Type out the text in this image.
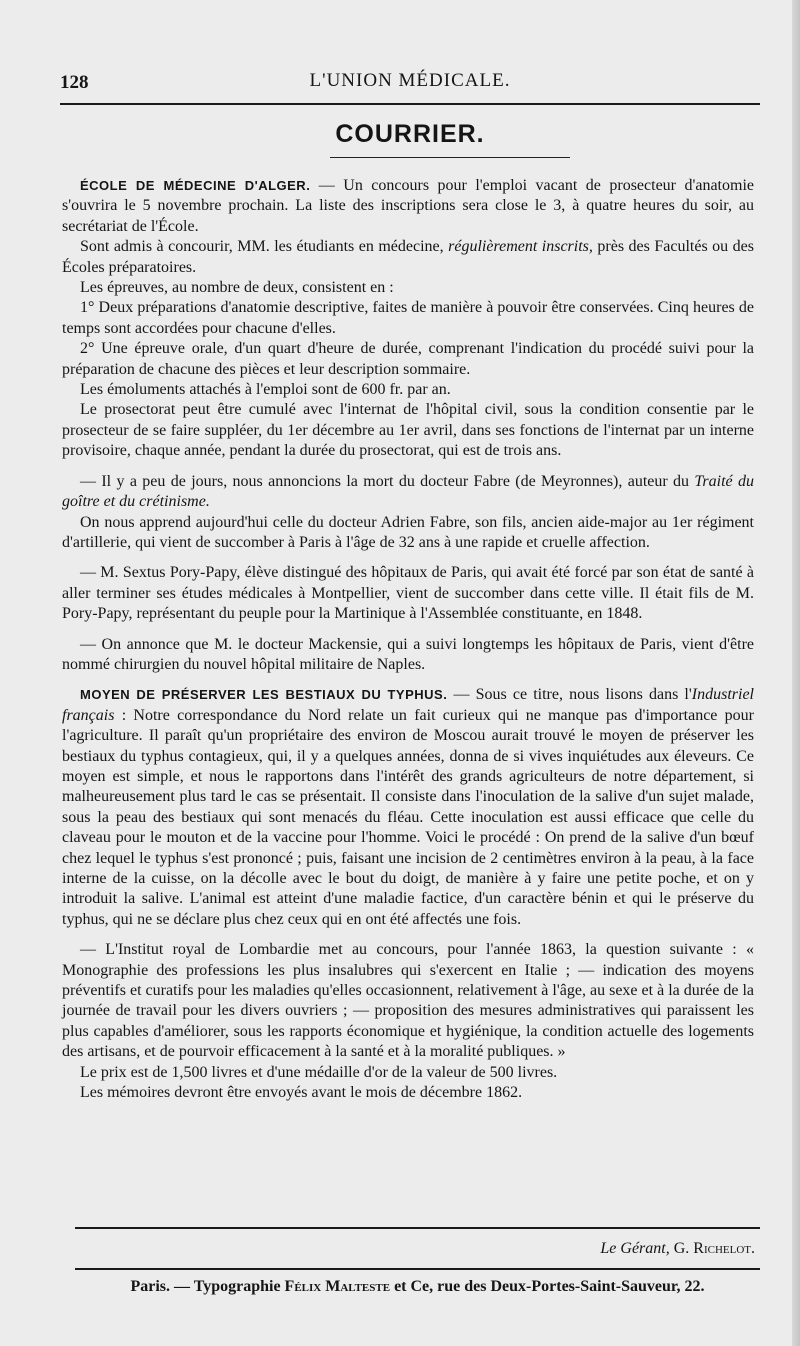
128	L'UNION MÉDICALE.
COURRIER.

ÉCOLE DE MÉDECINE D'ALGER. — Un concours pour l'emploi vacant de prosecteur d'anatomie s'ouvrira le 5 novembre prochain. La liste des inscriptions sera close le 3, à quatre heures du soir, au secrétariat de l'École.

Sont admis à concourir, MM. les étudiants en médecine, régulièrement inscrits, près des Facultés ou des Écoles préparatoires.

Les épreuves, au nombre de deux, consistent en :

1° Deux préparations d'anatomie descriptive, faites de manière à pouvoir être conservées. Cinq heures de temps sont accordées pour chacune d'elles.

2° Une épreuve orale, d'un quart d'heure de durée, comprenant l'indication du procédé suivi pour la préparation de chacune des pièces et leur description sommaire.

Les émoluments attachés à l'emploi sont de 600 fr. par an.

Le prosectorat peut être cumulé avec l'internat de l'hôpital civil, sous la condition consentie par le prosecteur de se faire suppléer, du 1er décembre au 1er avril, dans ses fonctions de l'internat par un interne provisoire, chaque année, pendant la durée du prosectorat, qui est de trois ans.

— Il y a peu de jours, nous annoncions la mort du docteur Fabre (de Meyronnes), auteur du Traité du goître et du crétinisme.

On nous apprend aujourd'hui celle du docteur Adrien Fabre, son fils, ancien aide-major au 1er régiment d'artillerie, qui vient de succomber à Paris à l'âge de 32 ans à une rapide et cruelle affection.

— M. Sextus Pory-Papy, élève distingué des hôpitaux de Paris, qui avait été forcé par son état de santé à aller terminer ses études médicales à Montpellier, vient de succomber dans cette ville. Il était fils de M. Pory-Papy, représentant du peuple pour la Martinique à l'Assemblée constituante, en 1848.

— On annonce que M. le docteur Mackensie, qui a suivi longtemps les hôpitaux de Paris, vient d'être nommé chirurgien du nouvel hôpital militaire de Naples.

MOYEN DE PRÉSERVER LES BESTIAUX DU TYPHUS. — Sous ce titre, nous lisons dans l'Industriel français : Notre correspondance du Nord relate un fait curieux qui ne manque pas d'importance pour l'agriculture. Il paraît qu'un propriétaire des environ de Moscou aurait trouvé le moyen de préserver les bestiaux du typhus contagieux, qui, il y a quelques années, donna de si vives inquiétudes aux éleveurs. Ce moyen est simple, et nous le rapportons dans l'intérêt des grands agriculteurs de notre département, si malheureusement plus tard le cas se présentait. Il consiste dans l'inoculation de la salive d'un sujet malade, sous la peau des bestiaux qui sont menacés du fléau. Cette inoculation est aussi efficace que celle du claveau pour le mouton et de la vaccine pour l'homme. Voici le procédé : On prend de la salive d'un bœuf chez lequel le typhus s'est prononcé ; puis, faisant une incision de 2 centimètres environ à la peau, à la face interne de la cuisse, on la décolle avec le bout du doigt, de manière à y faire une petite poche, et on y introduit la salive. L'animal est atteint d'une maladie factice, d'un caractère bénin et qui le préserve du typhus, qui ne se déclare plus chez ceux qui en ont été affectés une fois.

— L'Institut royal de Lombardie met au concours, pour l'année 1863, la question suivante : « Monographie des professions les plus insalubres qui s'exercent en Italie ; — indication des moyens préventifs et curatifs pour les maladies qu'elles occasionnent, relativement à l'âge, au sexe et à la durée de la journée de travail pour les divers ouvriers ; — proposition des mesures administratives qui paraissent les plus capables d'améliorer, sous les rapports économique et hygiénique, la condition actuelle des logements des artisans, et de pourvoir efficacement à la santé et à la moralité publiques. »

Le prix est de 1,500 livres et d'une médaille d'or de la valeur de 500 livres.

Les mémoires devront être envoyés avant le mois de décembre 1862.

Le Gérant, G. Richelot.
Paris. — Typographie Félix Malteste et Ce, rue des Deux-Portes-Saint-Sauveur, 22.
